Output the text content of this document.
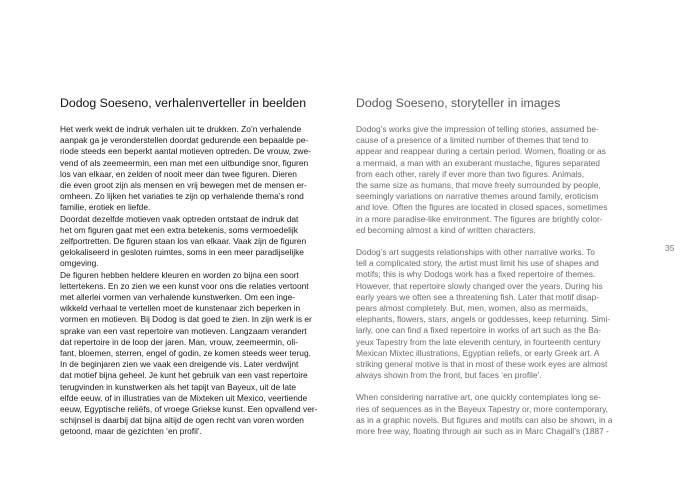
Dodog Soeseno, verhalenverteller in beelden

Het werk wekt de indruk verhalen uit te drukken. Zo’n verhalende
aanpak ga je veronderstellen doordat gedurende een bepaalde pe-
riode steeds een beperkt aantal motieven optreden. De vrouw, zwe-
vend of als zeemeermin, een man met een uitbundige snor, figuren
los van elkaar, en zelden of nooit meer dan twee figuren. Dieren
die even groot zijn als mensen en vrij bewegen met de mensen er-
omheen. Zo lijken het variaties te zijn op verhalende thema’s rond
familie, erotiek en liefde.

Doordat dezelfde motieven vaak optreden ontstaat de indruk dat
het om figuren gaat met een extra betekenis, soms vermoedelijk
zelfportretten. De figuren staan los van elkaar. Vaak zijn de figuren
gelokaliseerd in gesloten ruimtes, soms in een meer paradijselijke
omgeving.

De figuren hebben heldere kleuren en worden zo bijna een soort
lettertekens. En zo zien we een kunst voor ons die relaties vertoont
met allerlei vormen van verhalende kunstwerken. Om een inge-
wikkeld verhaal te vertellen moet de kunstenaar zich beperken in
vormen en motieven. Bij Dodog is dat goed te zien. In zijn werk is er
sprake van een vast repertoire van motieven. Langzaam verandert
dat repertoire in de loop der jaren. Man, vrouw, zeemeermin, oli-
fant, bloemen, sterren, engel of godin, ze komen steeds weer terug.
In de beginjaren zien we vaak een dreigende vis. Later verdwijnt
dat motief bijna geheel. Je kunt het gebruik van een vast repertoire
terugvinden in kunstwerken als het tapijt van Bayeux, uit de late
elfde eeuw, of in illustraties van de Mixteken uit Mexico, veertiende
eeuw, Egyptische reliëfs, of vroege Griekse kunst. Een opvallend ver-
schijnsel is daarbij dat bijna altijd de ogen recht van voren worden
getoond, maar de gezichten ‘en profil’.

Dodog Soeseno, storyteller in images

Dodog’s works give the impression of telling stories, assumed be-
cause of a presence of a limited number of themes that tend to
appear and reappear during a certain period. Women, floating or as
a mermaid, a man with an exuberant mustache, figures separated
from each other, rarely if ever more than two figures. Animals,
the same size as humans, that move freely surrounded by people,
seemingly variations on narrative themes around family, eroticism
and love. Often the figures are located in closed spaces, sometimes
in a more paradise-like environment. The figures are brightly color-
ed becoming almost a kind of written characters.

Dodog’s art suggests relationships with other narrative works. To
tell a complicated story, the artist must limit his use of shapes and
motifs; this is why Dodogs work has a fixed repertoire of themes.
However, that repertoire slowly changed over the years. During his
early years we often see a threatening fish. Later that motif disap-
pears almost completely. But, men, women, also as mermaids,
elephants, flowers, stars, angels or goddesses, keep returning. Simi-
larly, one can find a fixed repertoire in works of art such as the Ba-
yeux Tapestry from the late eleventh century, in fourteenth century
Mexican Mixtec illustrations, Egyptian reliefs, or early Greek art. A
striking general motive is that in most of these work eyes are almost
always shown from the front, but faces ‘en profile’.

When considering narrative art, one quickly contemplates long se-
ries of sequences as in the Bayeux Tapestry or, more contemporary,
as in a graphic novels. But figures and motifs can also be shown, in a
more free way, floating through air such as in Marc Chagall’s (1887 -

35
